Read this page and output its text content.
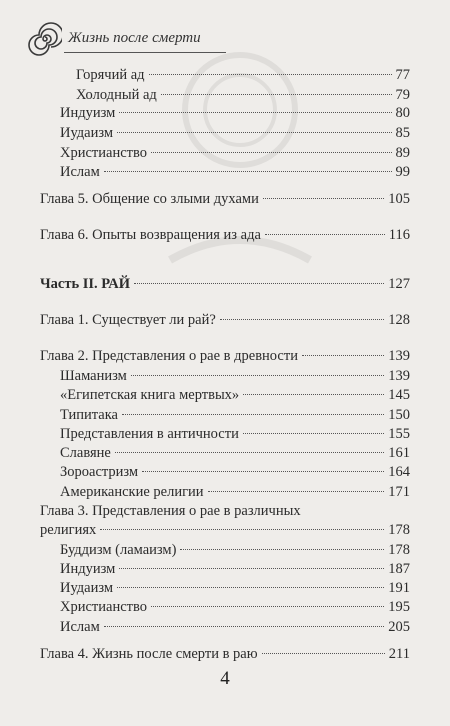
Жизнь после смерти
Горячий ад	77
Холодный ад	79
Индуизм	80
Иудаизм	85
Христианство	89
Ислам	99
Глава 5. Общение со злыми духами	105
Глава 6. Опыты возвращения из ада	116
Часть II. РАЙ	127
Глава 1. Существует ли рай?	128
Глава 2. Представления о рае в древности	139
Шаманизм	139
«Египетская книга мертвых»	145
Типитака	150
Представления в античности	155
Славяне	161
Зороастризм	164
Американские религии	171
Глава 3. Представления о рае в различных
религиях	178
Буддизм (ламаизм)	178
Индуизм	187
Иудаизм	191
Христианство	195
Ислам	205
Глава 4. Жизнь после смерти в раю	211
4
